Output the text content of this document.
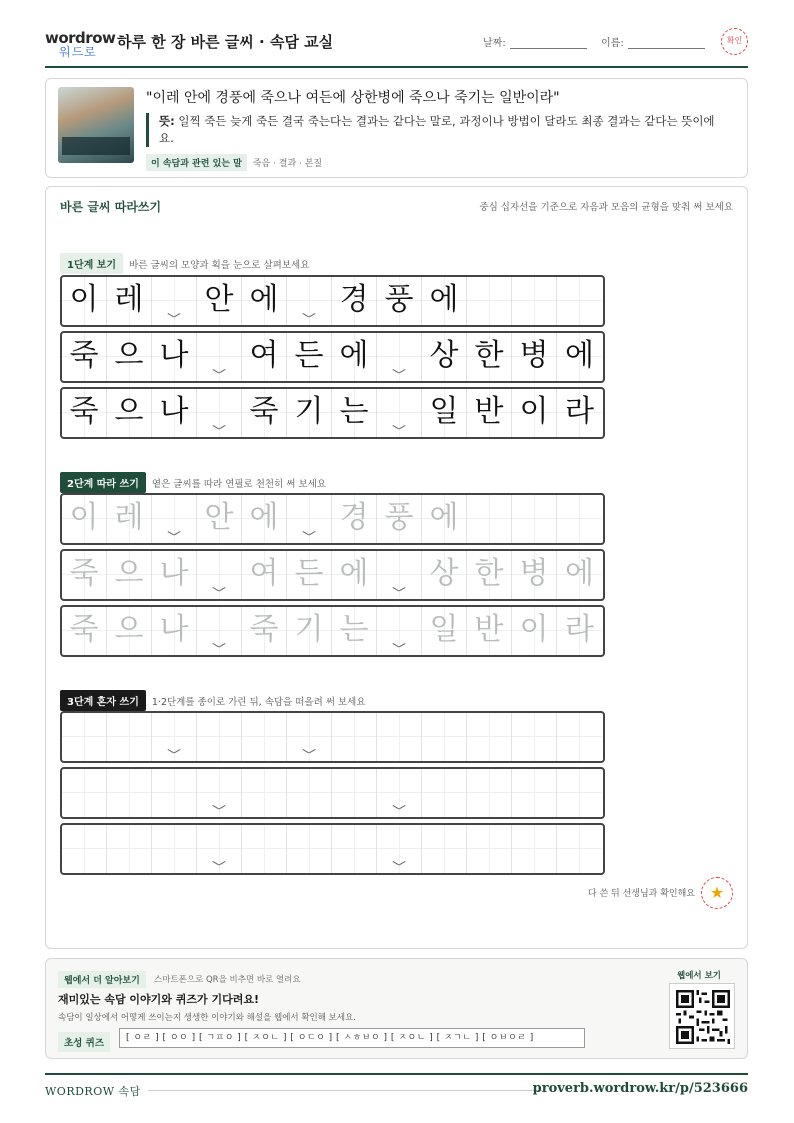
wordrow
워드로
하루 한 장 바른 글씨 · 속담 교실	날짜:	이름:	확인
"이레 안에 경풍에 죽으나 여든에 상한병에 죽으나 죽기는 일반이라"
뜻: 일찍 죽든 늦게 죽든 결국 죽는다는 결과는 같다는 말로, 과정이나 방법이 달라도 최종 결과는 같다는 뜻이에요.
이 속담과 관련 있는 말 죽음 · 결과 · 본질
바른 글씨 따라쓰기	중심 십자선을 기준으로 자음과 모음의 균형을 맞춰 써 보세요
1단계 보기 바른 글씨의 모양과 획을 눈으로 살펴보세요
이 레 안 에 경 풍 에
죽 으 나 여 든 에 상 한 병 에
죽 으 나 죽 기 는 일 반 이 라
2단계 따라 쓰기 옅은 글씨를 따라 연필로 천천히 써 보세요
이 레 안 에 경 풍 에
죽 으 나 여 든 에 상 한 병 에
죽 으 나 죽 기 는 일 반 이 라
3단계 혼자 쓰기 1·2단계를 종이로 가린 뒤, 속담을 떠올려 써 보세요
다 쓴 뒤 선생님과 확인해요 ★
웹에서 더 알아보기	스마트폰으로 QR을 비추면 바로 열려요
재미있는 속담 이야기와 퀴즈가 기다려요!
속담이 일상에서 어떻게 쓰이는지 생생한 이야기와 해설을 웹에서 확인해 보세요.
초성 퀴즈	[ ㅇㄹ ] [ ㅇㅇ ] [ ㄱㅍㅇ ] [ ㅈㅇㄴ ] [ ㅇㄷㅇ ] [ ㅅㅎㅂㅇ ] [ ㅈㅇㄴ ] [ ㅈㄱㄴ ] [ ㅇㅂㅇㄹ ]
웹에서 보기
WORDROW 속담	proverb.wordrow.kr/p/523666
